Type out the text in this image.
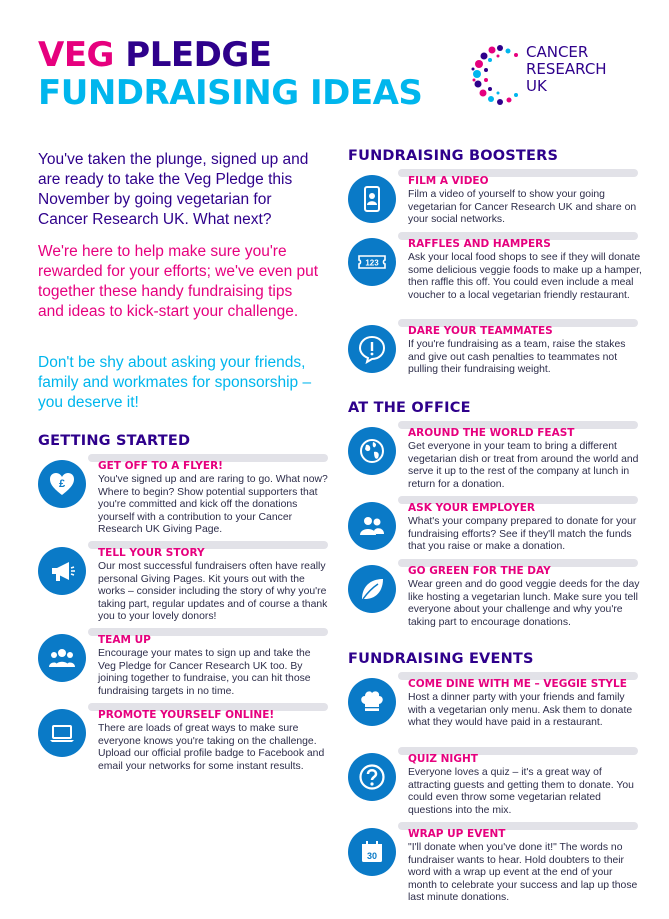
VEG PLEDGE
FUNDRAISING IDEAS
CANCER
RESEARCH
UK
You've taken the plunge, signed up and are ready to take the Veg Pledge this November by going vegetarian for Cancer Research UK. What next?
We're here to help make sure you're rewarded for your efforts; we've even put together these handy fundraising tips and ideas to kick-start your challenge.
Don't be shy about asking your friends, family and workmates for sponsorship – you deserve it!
GETTING STARTED
£
GET OFF TO A FLYER!
You've signed up and are raring to go. What now? Where to begin? Show potential supporters that you're committed and kick off the donations yourself with a contribution to your Cancer Research UK Giving Page.
TELL YOUR STORY
Our most successful fundraisers often have really personal Giving Pages. Kit yours out with the works – consider including the story of why you're taking part, regular updates and of course a thank you to your lovely donors!
TEAM UP
Encourage your mates to sign up and take the Veg Pledge for Cancer Research UK too. By joining together to fundraise, you can hit those fundraising targets in no time.
PROMOTE YOURSELF ONLINE!
There are loads of great ways to make sure everyone knows you're taking on the challenge. Upload our official profile badge to Facebook and email your networks for some instant results.
FUNDRAISING BOOSTERS
FILM A VIDEO
Film a video of yourself to show your going vegetarian for Cancer Research UK and share on your social networks.
123
RAFFLES AND HAMPERS
Ask your local food shops to see if they will donate some delicious veggie foods to make up a hamper, then raffle this off. You could even include a meal voucher to a local vegetarian friendly restaurant.
DARE YOUR TEAMMATES
If you're fundraising as a team, raise the stakes and give out cash penalties to teammates not pulling their fundraising weight.
AT THE OFFICE
AROUND THE WORLD FEAST
Get everyone in your team to bring a different vegetarian dish or treat from around the world and serve it up to the rest of the company at lunch in return for a donation.
ASK YOUR EMPLOYER
What's your company prepared to donate for your fundraising efforts? See if they'll match the funds that you raise or make a donation.
GO GREEN FOR THE DAY
Wear green and do good veggie deeds for the day like hosting a vegetarian lunch. Make sure you tell everyone about your challenge and why you're taking part to encourage donations.
FUNDRAISING EVENTS
COME DINE WITH ME – VEGGIE STYLE
Host a dinner party with your friends and family with a vegetarian only menu. Ask them to donate what they would have paid in a restaurant.
QUIZ NIGHT
Everyone loves a quiz – it's a great way of attracting guests and getting them to donate. You could even throw some vegetarian related questions into the mix.
30
WRAP UP EVENT
"I'll donate when you've done it!" The words no fundraiser wants to hear. Hold doubters to their word with a wrap up event at the end of your month to celebrate your success and lap up those last minute donations.
